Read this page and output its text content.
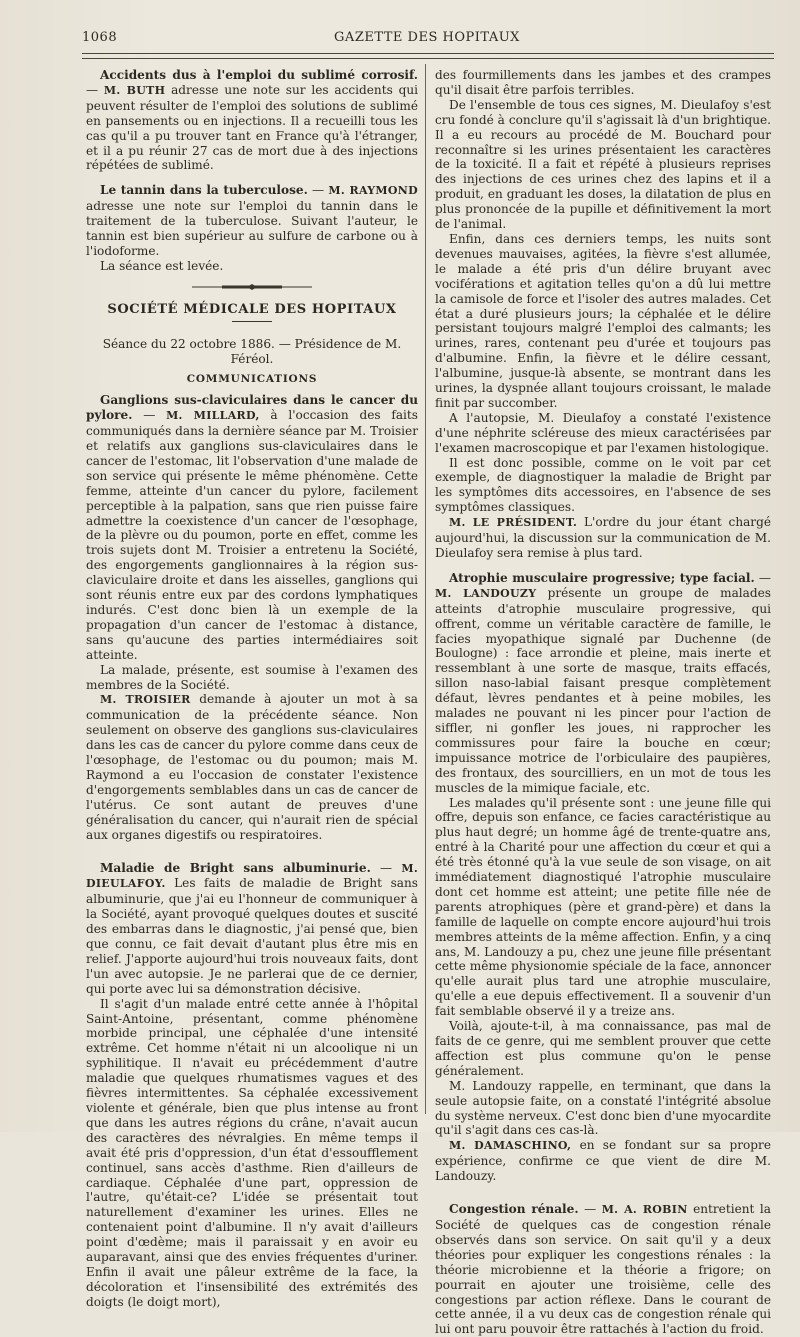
1068	GAZETTE DES HOPITAUX

Accidents dus à l'emploi du sublimé corrosif. — M. BUTH adresse une note sur les accidents qui peuvent résulter de l'emploi des solutions de sublimé en pansements ou en injections. Il a recueilli tous les cas qu'il a pu trouver tant en France qu'à l'étranger, et il a pu réunir 27 cas de mort due à des injections répétées de sublimé.

Le tannin dans la tuberculose. — M. RAYMOND adresse une note sur l'emploi du tannin dans le traitement de la tuberculose. Suivant l'auteur, le tannin est bien supérieur au sulfure de carbone ou à l'iodoforme.

La séance est levée.

SOCIÉTÉ MÉDICALE DES HOPITAUX

Séance du 22 octobre 1886. — Présidence de M. Féréol.

COMMUNICATIONS

Ganglions sus-claviculaires dans le cancer du pylore. — M. MILLARD, à l'occasion des faits communiqués dans la dernière séance par M. Troisier et relatifs aux ganglions sus-claviculaires dans le cancer de l'estomac, lit l'observation d'une malade de son service qui présente le même phénomène. Cette femme, atteinte d'un cancer du pylore, facilement perceptible à la palpation, sans que rien puisse faire admettre la coexistence d'un cancer de l'œsophage, de la plèvre ou du poumon, porte en effet, comme les trois sujets dont M. Troisier a entretenu la Société, des engorgements ganglionnaires à la région sus-claviculaire droite et dans les aisselles, ganglions qui sont réunis entre eux par des cordons lymphatiques indurés. C'est donc bien là un exemple de la propagation d'un cancer de l'estomac à distance, sans qu'aucune des parties intermédiaires soit atteinte.

La malade, présente, est soumise à l'examen des membres de la Société.

M. TROISIER demande à ajouter un mot à sa communication de la précédente séance. Non seulement on observe des ganglions sus-claviculaires dans les cas de cancer du pylore comme dans ceux de l'œsophage, de l'estomac ou du poumon; mais M. Raymond a eu l'occasion de constater l'existence d'engorgements semblables dans un cas de cancer de l'utérus. Ce sont autant de preuves d'une généralisation du cancer, qui n'aurait rien de spécial aux organes digestifs ou respiratoires.

Maladie de Bright sans albuminurie. — M. DIEULAFOY. Les faits de maladie de Bright sans albuminurie, que j'ai eu l'honneur de communiquer à la Société, ayant provoqué quelques doutes et suscité des embarras dans le diagnostic, j'ai pensé que, bien que connu, ce fait devait d'autant plus être mis en relief. J'apporte aujourd'hui trois nouveaux faits, dont l'un avec autopsie. Je ne parlerai que de ce dernier, qui porte avec lui sa démonstration décisive.

Il s'agit d'un malade entré cette année à l'hôpital Saint-Antoine, présentant, comme phénomène morbide principal, une céphalée d'une intensité extrême. Cet homme n'était ni un alcoolique ni un syphilitique. Il n'avait eu précédemment d'autre maladie que quelques rhumatismes vagues et des fièvres intermittentes. Sa céphalée excessivement violente et générale, bien que plus intense au front que dans les autres régions du crâne, n'avait aucun des caractères des névralgies. En même temps il avait été pris d'oppression, d'un état d'essoufflement continuel, sans accès d'asthme. Rien d'ailleurs de cardiaque. Céphalée d'une part, oppression de l'autre, qu'était-ce? L'idée se présentait tout naturellement d'examiner les urines. Elles ne contenaient point d'albumine. Il n'y avait d'ailleurs point d'œdème; mais il paraissait y en avoir eu auparavant, ainsi que des envies fréquentes d'uriner. Enfin il avait une pâleur extrême de la face, la décoloration et l'insensibilité des extrémités des doigts (le doigt mort),

des fourmillements dans les jambes et des crampes qu'il disait être parfois terribles.

De l'ensemble de tous ces signes, M. Dieulafoy s'est cru fondé à conclure qu'il s'agissait là d'un brightique. Il a eu recours au procédé de M. Bouchard pour reconnaître si les urines présentaient les caractères de la toxicité. Il a fait et répété à plusieurs reprises des injections de ces urines chez des lapins et il a produit, en graduant les doses, la dilatation de plus en plus prononcée de la pupille et définitivement la mort de l'animal.

Enfin, dans ces derniers temps, les nuits sont devenues mauvaises, agitées, la fièvre s'est allumée, le malade a été pris d'un délire bruyant avec vociférations et agitation telles qu'on a dû lui mettre la camisole de force et l'isoler des autres malades. Cet état a duré plusieurs jours; la céphalée et le délire persistant toujours malgré l'emploi des calmants; les urines, rares, contenant peu d'urée et toujours pas d'albumine. Enfin, la fièvre et le délire cessant, l'albumine, jusque-là absente, se montrant dans les urines, la dyspnée allant toujours croissant, le malade finit par succomber.

A l'autopsie, M. Dieulafoy a constaté l'existence d'une néphrite scléreuse des mieux caractérisées par l'examen macroscopique et par l'examen histologique.

Il est donc possible, comme on le voit par cet exemple, de diagnostiquer la maladie de Bright par les symptômes dits accessoires, en l'absence de ses symptômes classiques.

M. LE PRÉSIDENT. L'ordre du jour étant chargé aujourd'hui, la discussion sur la communication de M. Dieulafoy sera remise à plus tard.

Atrophie musculaire progressive; type facial. — M. LANDOUZY présente un groupe de malades atteints d'atrophie musculaire progressive, qui offrent, comme un véritable caractère de famille, le facies myopathique signalé par Duchenne (de Boulogne) : face arrondie et pleine, mais inerte et ressemblant à une sorte de masque, traits effacés, sillon naso-labial faisant presque complètement défaut, lèvres pendantes et à peine mobiles, les malades ne pouvant ni les pincer pour l'action de siffler, ni gonfler les joues, ni rapprocher les commissures pour faire la bouche en cœur; impuissance motrice de l'orbiculaire des paupières, des frontaux, des sourcilliers, en un mot de tous les muscles de la mimique faciale, etc.

Les malades qu'il présente sont : une jeune fille qui offre, depuis son enfance, ce facies caractéristique au plus haut degré; un homme âgé de trente-quatre ans, entré à la Charité pour une affection du cœur et qui a été très étonné qu'à la vue seule de son visage, on ait immédiatement diagnostiqué l'atrophie musculaire dont cet homme est atteint; une petite fille née de parents atrophiques (père et grand-père) et dans la famille de laquelle on compte encore aujourd'hui trois membres atteints de la même affection. Enfin, y a cinq ans, M. Landouzy a pu, chez une jeune fille présentant cette même physionomie spéciale de la face, annoncer qu'elle aurait plus tard une atrophie musculaire, qu'elle a eue depuis effectivement. Il a souvenir d'un fait semblable observé il y a treize ans.

Voilà, ajoute-t-il, à ma connaissance, pas mal de faits de ce genre, qui me semblent prouver que cette affection est plus commune qu'on le pense généralement.

M. Landouzy rappelle, en terminant, que dans la seule autopsie faite, on a constaté l'intégrité absolue du système nerveux. C'est donc bien d'une myocardite qu'il s'agit dans ces cas-là.

M. DAMASCHINO, en se fondant sur sa propre expérience, confirme ce que vient de dire M. Landouzy.

Congestion rénale. — M. A. ROBIN entretient la Société de quelques cas de congestion rénale observés dans son service. On sait qu'il y a deux théories pour expliquer les congestions rénales : la théorie microbienne et la théorie a frigore; on pourrait en ajouter une troisième, celle des congestions par action réflexe. Dans le courant de cette année, il a vu deux cas de congestion rénale qui lui ont paru pouvoir être rattachés à l'action du froid.
